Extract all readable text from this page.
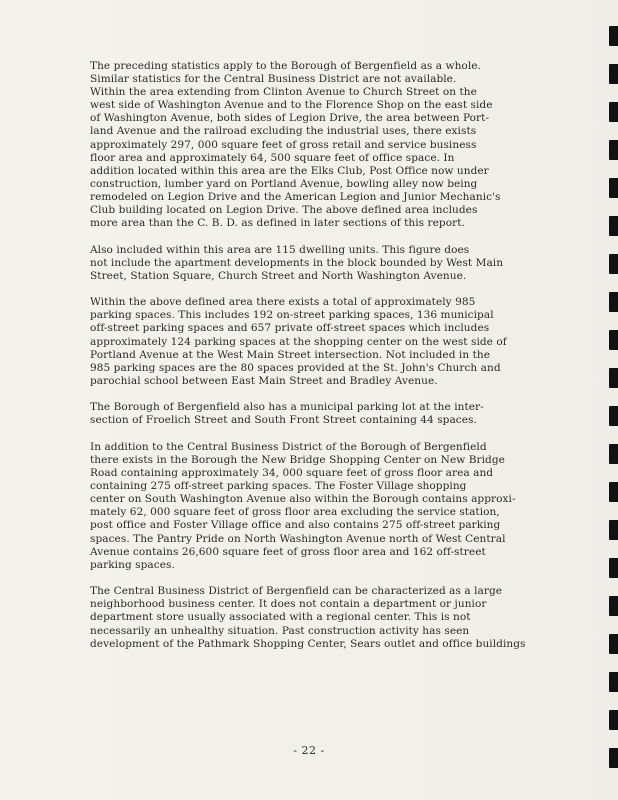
The preceding statistics apply to the Borough of Bergenfield as a whole.
Similar statistics for the Central Business District are not available.
Within the area extending from Clinton Avenue to Church Street on the
west side of Washington Avenue and to the Florence Shop on the east side
of Washington Avenue, both sides of Legion Drive, the area between Port-
land Avenue and the railroad excluding the industrial uses, there exists
approximately 297, 000 square feet of gross retail and service business
floor area and approximately 64, 500 square feet of office space. In
addition located within this area are the Elks Club, Post Office now under
construction, lumber yard on Portland Avenue, bowling alley now being
remodeled on Legion Drive and the American Legion and Junior Mechanic's
Club building located on Legion Drive. The above defined area includes
more area than the C. B. D. as defined in later sections of this report.

Also included within this area are 115 dwelling units. This figure does
not include the apartment developments in the block bounded by West Main
Street, Station Square, Church Street and North Washington Avenue.

Within the above defined area there exists a total of approximately 985
parking spaces. This includes 192 on-street parking spaces, 136 municipal
off-street parking spaces and 657 private off-street spaces which includes
approximately 124 parking spaces at the shopping center on the west side of
Portland Avenue at the West Main Street intersection. Not included in the
985 parking spaces are the 80 spaces provided at the St. John's Church and
parochial school between East Main Street and Bradley Avenue.

The Borough of Bergenfield also has a municipal parking lot at the inter-
section of Froelich Street and South Front Street containing 44 spaces.

In addition to the Central Business District of the Borough of Bergenfield
there exists in the Borough the New Bridge Shopping Center on New Bridge
Road containing approximately 34, 000 square feet of gross floor area and
containing 275 off-street parking spaces. The Foster Village shopping
center on South Washington Avenue also within the Borough contains approxi-
mately 62, 000 square feet of gross floor area excluding the service station,
post office and Foster Village office and also contains 275 off-street parking
spaces. The Pantry Pride on North Washington Avenue north of West Central
Avenue contains 26,600 square feet of gross floor area and 162 off-street
parking spaces.

The Central Business District of Bergenfield can be characterized as a large
neighborhood business center. It does not contain a department or junior
department store usually associated with a regional center. This is not
necessarily an unhealthy situation. Past construction activity has seen
development of the Pathmark Shopping Center, Sears outlet and office buildings

- 22 -
